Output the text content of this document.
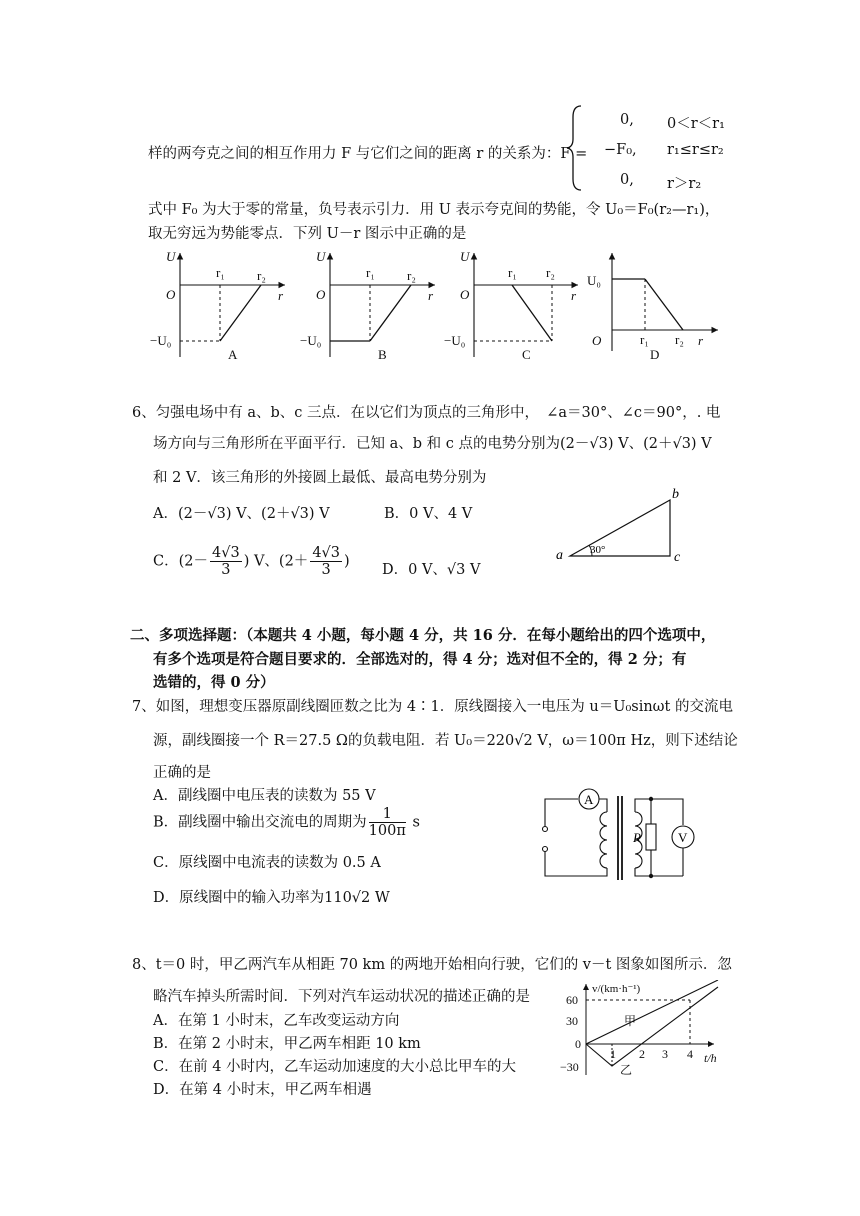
样的两夸克之间的相互作用力 F 与它们之间的距离 r 的关系为：F =
0, 0＜r＜r₁
−F₀, r₁≤r≤r₂
0, r＞r₂
式中 F₀ 为大于零的常量，负号表示引力．用 U 表示夸克间的势能，令 U₀＝F₀(r₂—r₁)，
取无穷远为势能零点．下列 U－r 图示中正确的是
U
O	r
r₁ r₂
−U₀
A
U
O	r
r₁ r₂
−U₀
B
U
O	r
r₁ r₂
−U₀
C
U₀
O	r
r₁ r₂
D
6、匀强电场中有 a、b、c 三点．在以它们为顶点的三角形中，　∠a＝30°、∠c＝90°，. 电
场方向与三角形所在平面平行．已知 a、b 和 c 点的电势分别为(2－√3) V、(2＋√3) V
和 2 V．该三角形的外接圆上最低、最高电势分别为
A．(2－√3) V、(2＋√3) V	B．0 V、4 V
C．($2- \frac{4√3}{3}$ ) V、($2+ \frac{4√3}{3}$ )
D．0 V、√3 V
a
b
c
30°
二、多项选择题：（本题共 4 小题，每小题 4 分，共 16 分．在每小题给出的四个选项中，
有多个选项是符合题目要求的．全部选对的，得 4 分；选对但不全的，得 2 分；有
选错的，得 0 分）
7、如图，理想变压器原副线圈匝数之比为 4∶1．原线圈接入一电压为 u＝U₀sinωt 的交流电
源，副线圈接一个 R＝27.5 Ω的负载电阻．若 U₀＝220√2 V，ω＝100π Hz，则下述结论
正确的是
A．副线圈中电压表的读数为 55 V
B．副线圈中输出交流电的周期为 $\frac{1}{100\pi}$ s
C．原线圈中电流表的读数为 0.5 A
D．原线圈中的输入功率为110√2 W
A
V
R
8、t＝0 时，甲乙两汽车从相距 70 km 的两地开始相向行驶，它们的 v－t 图象如图所示．忽
略汽车掉头所需时间．下列对汽车运动状况的描述正确的是
A．在第 1 小时末，乙车改变运动方向
B．在第 2 小时末，甲乙两车相距 10 km
C．在前 4 小时内，乙车运动加速度的大小总比甲车的大
D．在第 4 小时末，甲乙两车相遇
v/(km·h⁻¹)
t/h
60
30
0
−30
1 2 3 4
甲
乙
